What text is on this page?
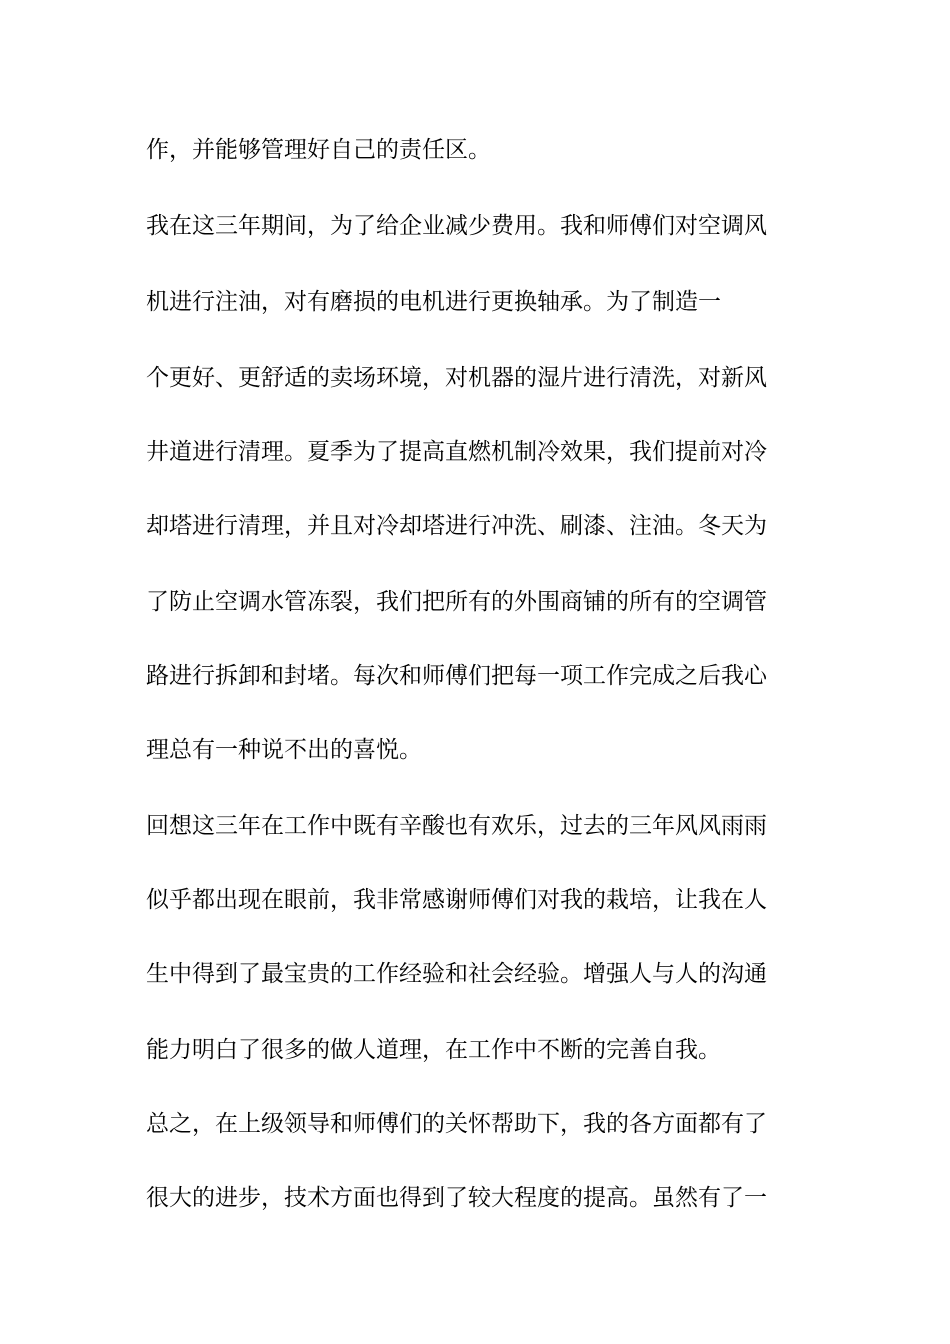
作，并能够管理好自己的责任区。
我在这三年期间，为了给企业减少费用。我和师傅们对空调风
机进行注油，对有磨损的电机进行更换轴承。为了制造一
个更好、更舒适的卖场环境，对机器的湿片进行清洗，对新风
井道进行清理。夏季为了提高直燃机制冷效果，我们提前对冷
却塔进行清理，并且对冷却塔进行冲洗、刷漆、注油。冬天为
了防止空调水管冻裂，我们把所有的外围商铺的所有的空调管
路进行拆卸和封堵。每次和师傅们把每一项工作完成之后我心
理总有一种说不出的喜悦。
回想这三年在工作中既有辛酸也有欢乐，过去的三年风风雨雨
似乎都出现在眼前，我非常感谢师傅们对我的栽培，让我在人
生中得到了最宝贵的工作经验和社会经验。增强人与人的沟通
能力明白了很多的做人道理，在工作中不断的完善自我。
总之，在上级领导和师傅们的关怀帮助下，我的各方面都有了
很大的进步，技术方面也得到了较大程度的提高。虽然有了一
